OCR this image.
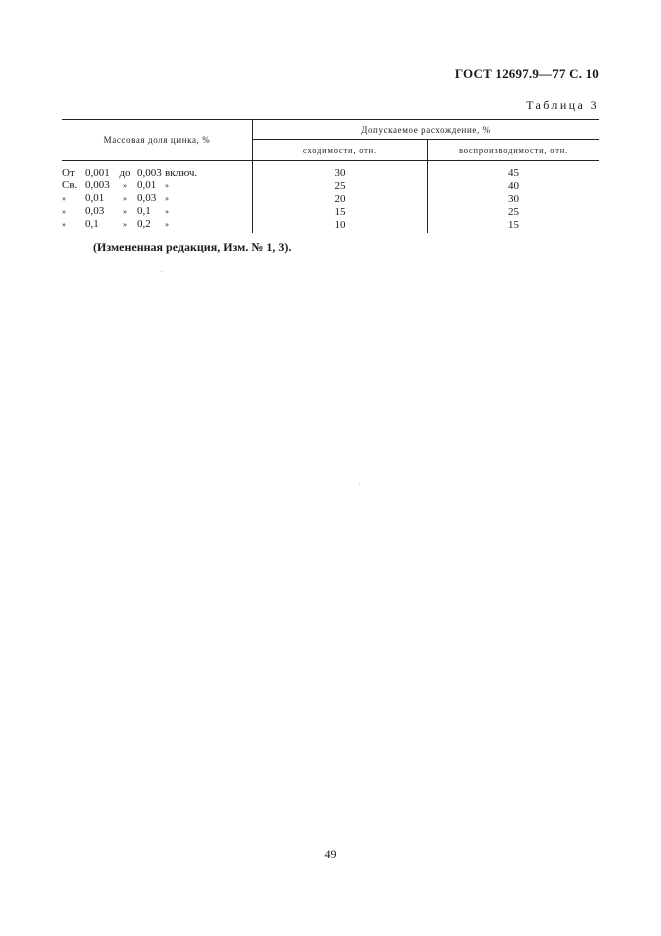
ГОСТ 12697.9—77 С. 10
Таблица 3
Массовая доля цинка, %	Допускаемое расхождение, %	
	сходимости, отн.	воспроизводимости, отн.
От 0,001 до 0,003 включ.	30	45
Св. 0,003 » 0,01 »	25	40
» 0,01 » 0,03 »	20	30
» 0,03 » 0,1 »	15	25
» 0,1 » 0,2 »	10	15
(Измененная редакция, Изм. № 1, 3).
49
